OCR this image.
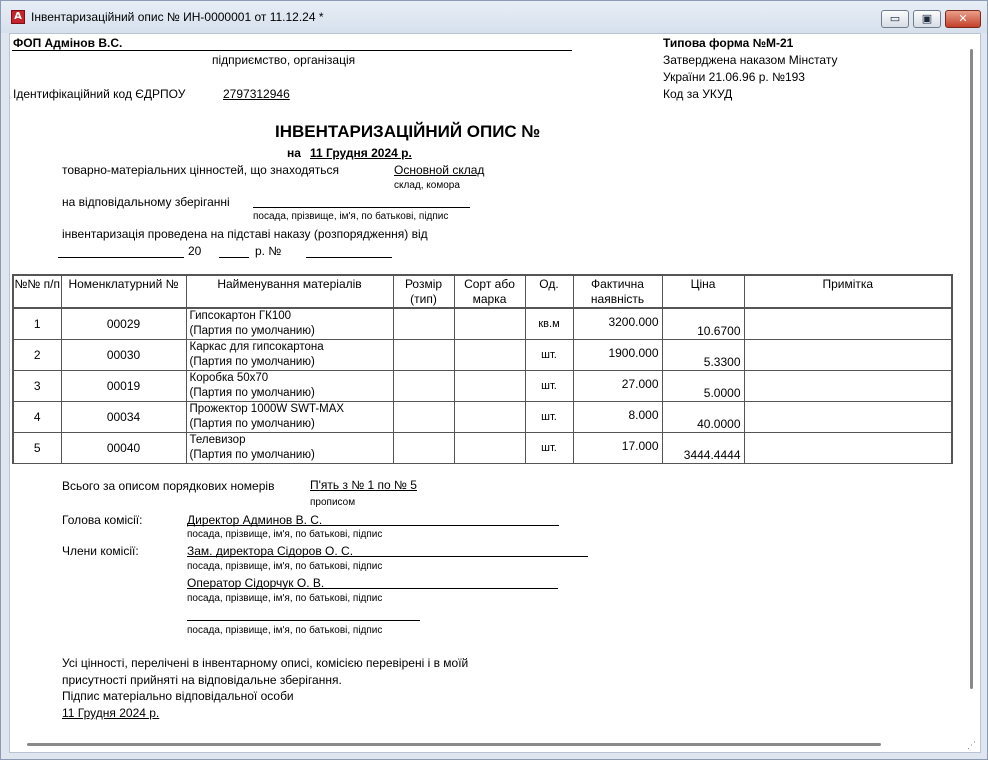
A Інвентаризаційний опис № ИН-0000001 от 11.12.24 *	▭	▣	✕
ФОП Адмінов В.С.
підприємство, організація
Ідентифікаційний код ЄДРПОУ	2797312946
Типова форма №М-21
Затверджена наказом Мінстату
України 21.06.96 р. №193
Код за УКУД
ІНВЕНТАРИЗАЦІЙНИЙ ОПИС №
на 11 Грудня 2024 р.
товарно-матеріальних цінностей, що знаходяться	Основной склад
склад, комора
на відповідальному зберіганні
посада, прізвище, ім'я, по батькові, підпис
інвентаризація проведена на підставі наказу (розпорядження) від
20	р. №
№№ п/п	Номенклатурний №	Найменування матеріалів	Розмір (тип)	Сорт або марка	Од.	Фактична наявність	Ціна	Примітка
1	00029	Гипсокартон ГК100
(Партия по умолчанию)			кв.м	3200.000	10.6700	
2	00030	Каркас для гипсокартона
(Партия по умолчанию)			шт.	1900.000	5.3300	
3	00019	Коробка 50х70
(Партия по умолчанию)			шт.	27.000	5.0000	
4	00034	Прожектор 1000W SWT-MAX
(Партия по умолчанию)			шт.	8.000	40.0000	
5	00040	Телевизор
(Партия по умолчанию)			шт.	17.000	3444.4444	
Всього за описом порядкових номерів	П'ять з № 1 по № 5
прописом
Голова комісії:	Директор Админов В. С.
посада, прізвище, ім'я, по батькові, підпис
Члени комісії:	Зам. директора Сідоров О. С.
посада, прізвище, ім'я, по батькові, підпис
Оператор Сідорчук О. В.
посада, прізвище, ім'я, по батькові, підпис
посада, прізвище, ім'я, по батькові, підпис
Усі цінності, перелічені в інвентарному описі, комісією перевірені і в моїй
присутності прийняті на відповідальне зберігання.
Підпис матеріально відповідальної особи
11 Грудня 2024 р.
⋰
